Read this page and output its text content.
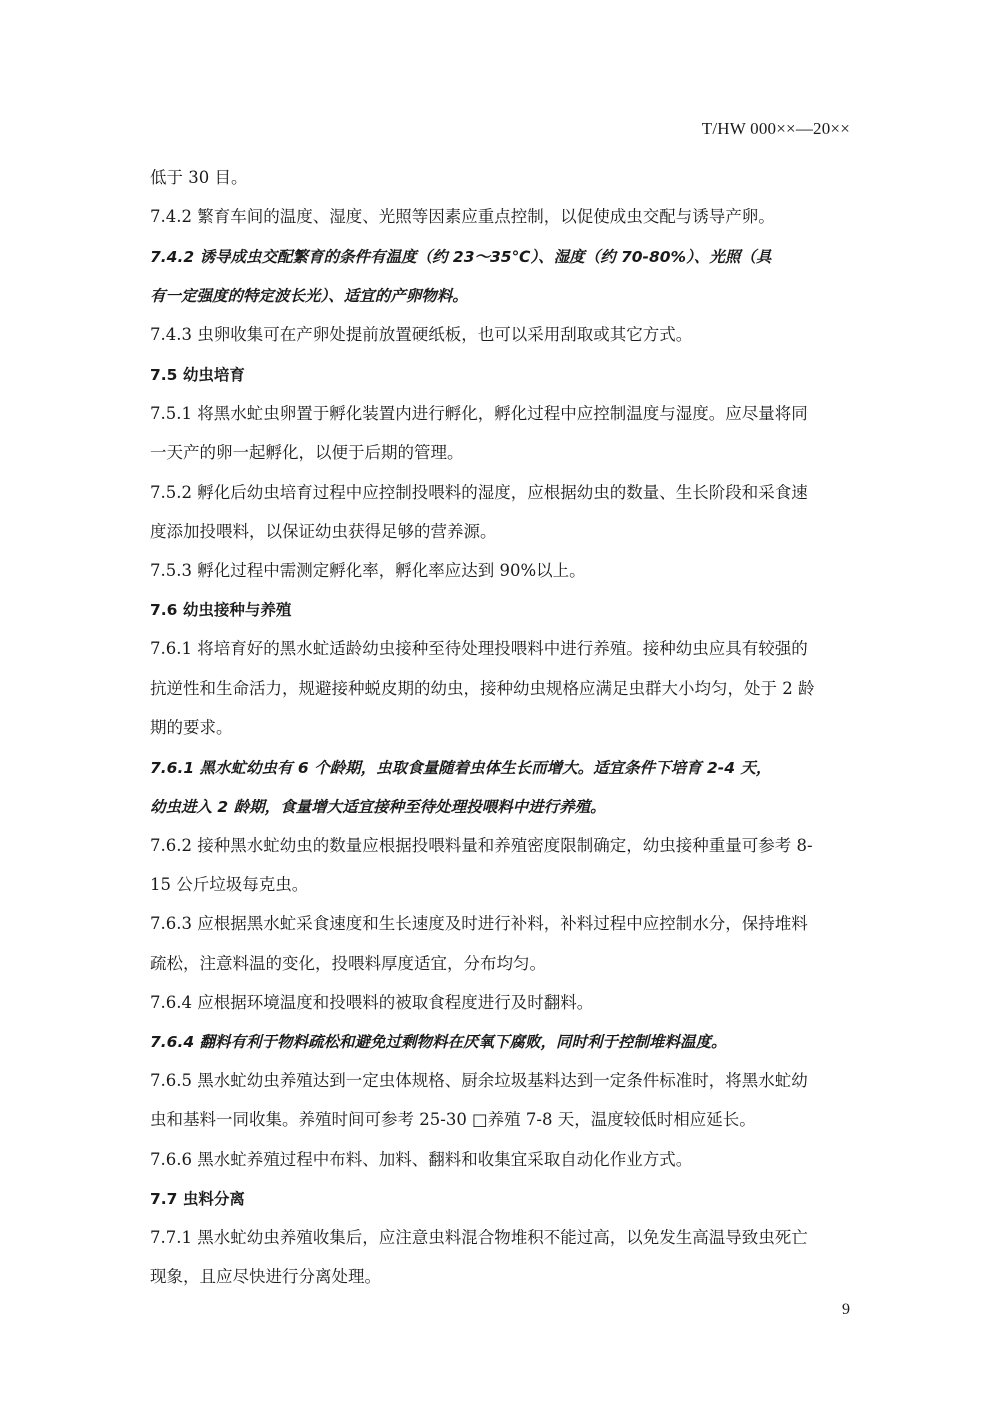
T/HW 000××—20××
低于 30 目。
7.4.2 繁育车间的温度、湿度、光照等因素应重点控制，以促使成虫交配与诱导产卵。
7.4.2 诱导成虫交配繁育的条件有温度（约 23～35℃）、湿度（约 70-80%）、光照（具
有一定强度的特定波长光）、适宜的产卵物料。
7.4.3 虫卵收集可在产卵处提前放置硬纸板，也可以采用刮取或其它方式。
7.5 幼虫培育
7.5.1 将黑水虻虫卵置于孵化装置内进行孵化，孵化过程中应控制温度与湿度。应尽量将同
一天产的卵一起孵化，以便于后期的管理。
7.5.2 孵化后幼虫培育过程中应控制投喂料的湿度，应根据幼虫的数量、生长阶段和采食速
度添加投喂料，以保证幼虫获得足够的营养源。
7.5.3 孵化过程中需测定孵化率，孵化率应达到 90%以上。
7.6 幼虫接种与养殖
7.6.1 将培育好的黑水虻适龄幼虫接种至待处理投喂料中进行养殖。接种幼虫应具有较强的
抗逆性和生命活力，规避接种蜕皮期的幼虫，接种幼虫规格应满足虫群大小均匀，处于 2 龄
期的要求。
7.6.1 黑水虻幼虫有 6 个龄期，虫取食量随着虫体生长而增大。适宜条件下培育 2-4 天，
幼虫进入 2 龄期，食量增大适宜接种至待处理投喂料中进行养殖。
7.6.2 接种黑水虻幼虫的数量应根据投喂料量和养殖密度限制确定，幼虫接种重量可参考 8-
15 公斤垃圾每克虫。
7.6.3 应根据黑水虻采食速度和生长速度及时进行补料，补料过程中应控制水分，保持堆料
疏松，注意料温的变化，投喂料厚度适宜，分布均匀。
7.6.4 应根据环境温度和投喂料的被取食程度进行及时翻料。
7.6.4 翻料有利于物料疏松和避免过剩物料在厌氧下腐败，同时利于控制堆料温度。
7.6.5 黑水虻幼虫养殖达到一定虫体规格、厨余垃圾基料达到一定条件标准时，将黑水虻幼
虫和基料一同收集。养殖时间可参考 25-30 □养殖 7-8 天，温度较低时相应延长。
7.6.6 黑水虻养殖过程中布料、加料、翻料和收集宜采取自动化作业方式。
7.7 虫料分离
7.7.1 黑水虻幼虫养殖收集后，应注意虫料混合物堆积不能过高，以免发生高温导致虫死亡
现象，且应尽快进行分离处理。
9
